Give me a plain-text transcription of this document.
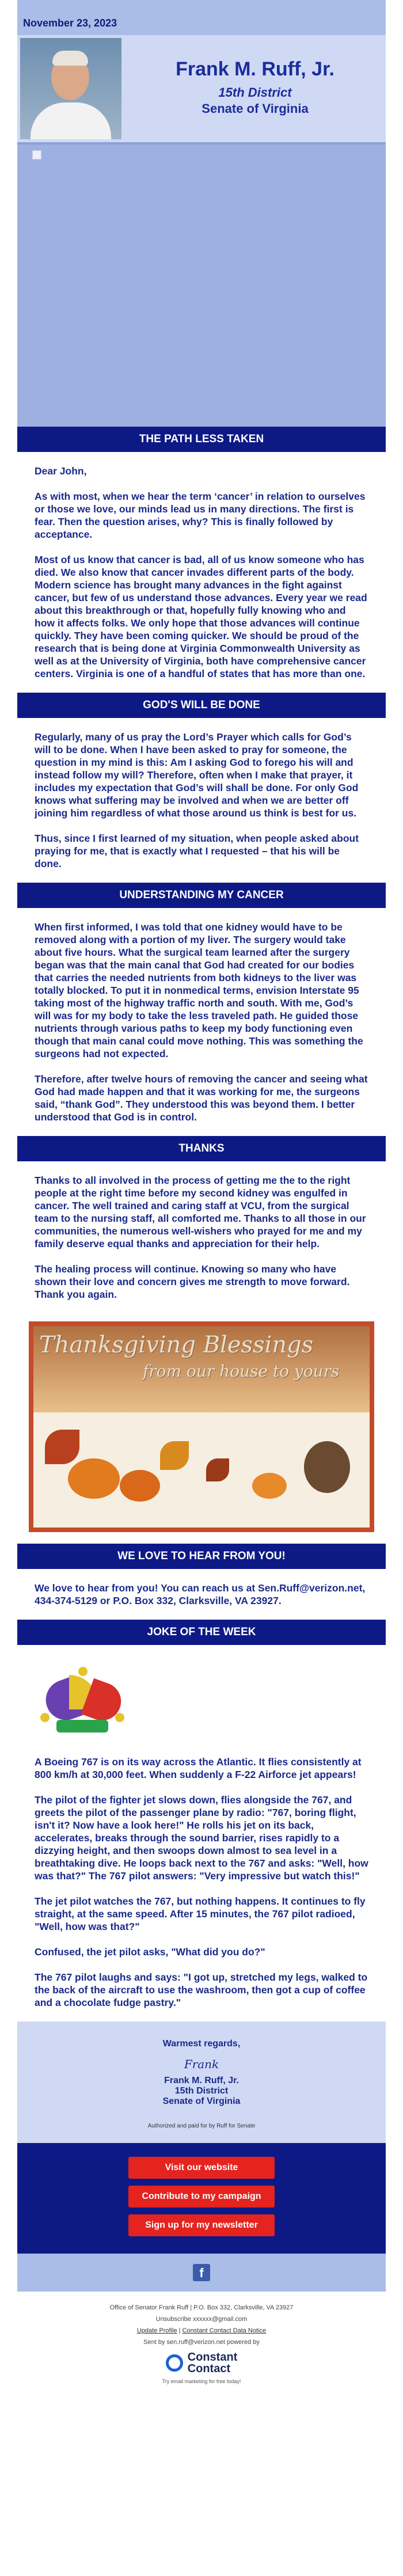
November 23, 2023
Frank M. Ruff, Jr.
15th District
Senate of Virginia
THE PATH LESS TAKEN

Dear John,

As with most, when we hear the term ‘cancer’ in relation to ourselves or those we love, our minds lead us in many directions. The first is fear. Then the question arises, why? This is finally followed by acceptance.

Most of us know that cancer is bad, all of us know someone who has died. We also know that cancer invades different parts of the body. Modern science has brought many advances in the fight against cancer, but few of us understand those advances. Every year we read about this breakthrough or that, hopefully fully knowing who and how it affects folks. We only hope that those advances will continue quickly. They have been coming quicker. We should be proud of the research that is being done at Virginia Commonwealth University as well as at the University of Virginia, both have comprehensive cancer centers. Virginia is one of a handful of states that has more than one.

GOD'S WILL BE DONE

Regularly, many of us pray the Lord’s Prayer which calls for God’s will to be done. When I have been asked to pray for someone, the question in my mind is this: Am I asking God to forego his will and instead follow my will? Therefore, often when I make that prayer, it includes my expectation that God’s will shall be done. For only God knows what suffering may be involved and when we are better off joining him regardless of what those around us think is best for us.

Thus, since I first learned of my situation, when people asked about praying for me, that is exactly what I requested – that his will be done.

UNDERSTANDING MY CANCER

When first informed, I was told that one kidney would have to be removed along with a portion of my liver. The surgery would take about five hours. What the surgical team learned after the surgery began was that the main canal that God had created for our bodies that carries the needed nutrients from both kidneys to the liver was totally blocked. To put it in nonmedical terms, envision Interstate 95 taking most of the highway traffic north and south. With me, God’s will was for my body to take the less traveled path. He guided those nutrients through various paths to keep my body functioning even though that main canal could move nothing. This was something the surgeons had not expected.

Therefore, after twelve hours of removing the cancer and seeing what God had made happen and that it was working for me, the surgeons said, “thank God”. They understood this was beyond them. I better understood that God is in control.

THANKS

Thanks to all involved in the process of getting me the to the right people at the right time before my second kidney was engulfed in cancer. The well trained and caring staff at VCU, from the surgical team to the nursing staff, all comforted me. Thanks to all those in our communities, the numerous well-wishers who prayed for me and my family deserve equal thanks and appreciation for their help.

The healing process will continue. Knowing so many who have shown their love and concern gives me strength to move forward. Thank you again.

Thanksgiving Blessings
from our house to yours
WE LOVE TO HEAR FROM YOU!

We love to hear from you! You can reach us at Sen.Ruff@verizon.net, 434-374-5129 or P.O. Box 332, Clarksville, VA 23927.

JOKE OF THE WEEK

A Boeing 767 is on its way across the Atlantic. It flies consistently at 800 km/h at 30,000 feet. When suddenly a F-22 Airforce jet appears!

The pilot of the fighter jet slows down, flies alongside the 767, and greets the pilot of the passenger plane by radio: "767, boring flight, isn't it? Now have a look here!" He rolls his jet on its back, accelerates, breaks through the sound barrier, rises rapidly to a dizzying height, and then swoops down almost to sea level in a breathtaking dive. He loops back next to the 767 and asks: "Well, how was that?" The 767 pilot answers: "Very impressive but watch this!"

The jet pilot watches the 767, but nothing happens. It continues to fly straight, at the same speed. After 15 minutes, the 767 pilot radioed, "Well, how was that?"

Confused, the jet pilot asks, "What did you do?"

The 767 pilot laughs and says: "I got up, stretched my legs, walked to the back of the aircraft to use the washroom, then got a cup of coffee and a chocolate fudge pastry."

Warmest regards,
Frank
Frank M. Ruff, Jr.
15th District
Senate of Virginia
Authorized and paid for by Ruff for Senate
Visit our website
Contribute to my campaign
Sign up for my newsletter
f
Office of Senator Frank Ruff | P.O. Box 332, Clarksville, VA 23927
Unsubscribe xxxxxx@gmail.com
Update Profile | Constant Contact Data Notice
Sent by sen.ruff@verizon.net powered by
Constant
Contact
Try email marketing for free today!
